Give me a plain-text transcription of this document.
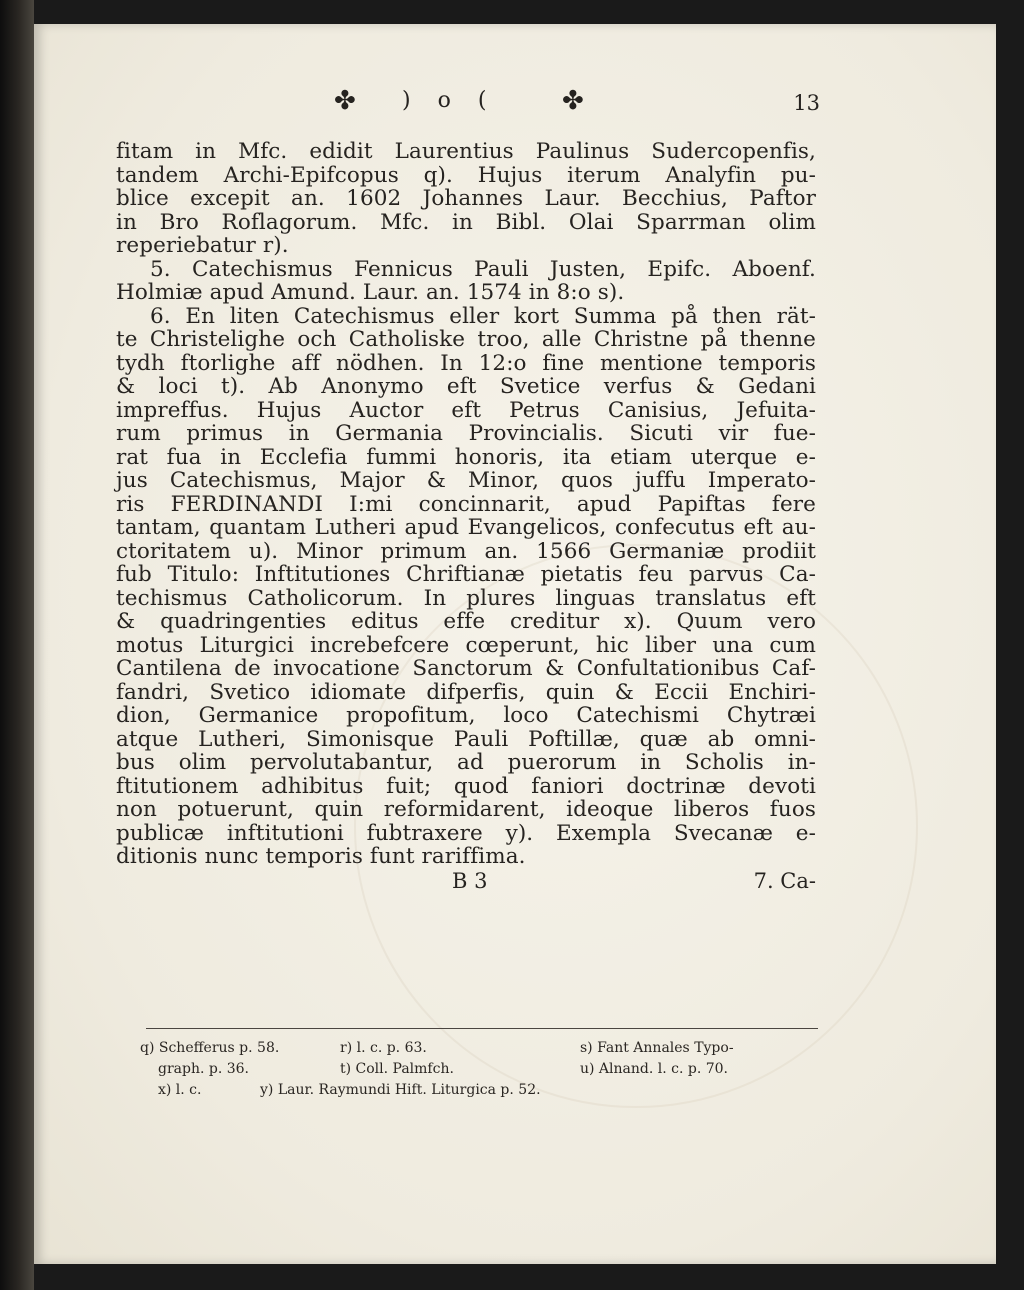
✤ ) o (	✤	13
fitam in Mfc. edidit Laurentius Paulinus Sudercopenfis,
tandem Archi-Epifcopus q). Hujus iterum Analyfin pu-
blice excepit an. 1602 Johannes Laur. Becchius, Paftor
in Bro Roflagorum. Mfc. in Bibl. Olai Sparrman olim
reperiebatur r).
5. Catechismus Fennicus Pauli Justen, Epifc. Aboenf.
Holmiæ apud Amund. Laur. an. 1574 in 8:o s).
6. En liten Catechismus eller kort Summa på then rät-
te Christelighe och Catholiske troo, alle Christne på thenne
tydh ftorlighe aff nödhen. In 12:o fine mentione temporis
& loci t). Ab Anonymo eft Svetice verfus & Gedani
impreffus. Hujus Auctor eft Petrus Canisius, Jefuita-
rum primus in Germania Provincialis. Sicuti vir fue-
rat fua in Ecclefia fummi honoris, ita etiam uterque e-
jus Catechismus, Major & Minor, quos juffu Imperato-
ris FERDINANDI I:mi concinnarit, apud Papiftas fere
tantam, quantam Lutheri apud Evangelicos, confecutus eft au-
ctoritatem u). Minor primum an. 1566 Germaniæ prodiit
fub Titulo: Inftitutiones Chriftianæ pietatis feu parvus Ca-
techismus Catholicorum. In plures linguas translatus eft
& quadringenties editus effe creditur x). Quum vero
motus Liturgici increbefcere cœperunt, hic liber una cum
Cantilena de invocatione Sanctorum & Confultationibus Caf-
fandri, Svetico idiomate difperfis, quin & Eccii Enchiri-
dion, Germanice propofitum, loco Catechismi Chytræi
atque Lutheri, Simonisque Pauli Poftillæ, quæ ab omni-
bus olim pervolutabantur, ad puerorum in Scholis in-
ftitutionem adhibitus fuit; quod faniori doctrinæ devoti
non potuerunt, quin reformidarent, ideoque liberos fuos
publicæ inftitutioni fubtraxere y). Exempla Svecanæ e-
ditionis nunc temporis funt rariffima.
B 3	7. Ca-
q) Schefferus p. 58.	r) l. c. p. 63.	s) Fant Annales Typo-
graph. p. 36.	t) Coll. Palmfch.	u) Alnand. l. c. p. 70.
x) l. c.	y) Laur. Raymundi Hift. Liturgica p. 52.
